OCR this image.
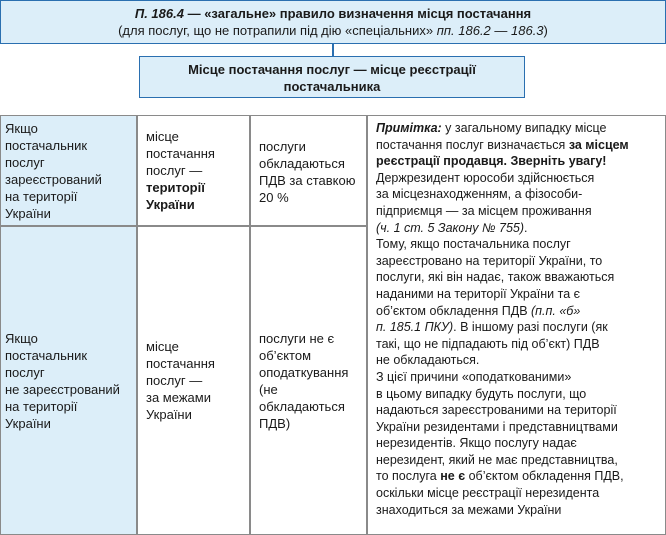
П. 186.4 — «загальне» правило визначення місця постачання
(для послуг, що не потрапили під дію «спеціальних» пп. 186.2 — 186.3)
Місце постачання послуг — місце реєстрації
постачальника
Якщо
постачальник
послуг
зареєстрований
на території
України
місце
постачання
послуг —
території
України
послуги
обкладаються
ПДВ за ставкою
20 %
Якщо
постачальник
послуг
не зареєстрований
на території
України
місце
постачання
послуг —
за межами
України
послуги не є
об’єктом
оподаткування
(не
обкладаються
ПДВ)
Примітка: у загальному випадку місце
постачання послуг визначається за місцем
реєстрації продавця. Зверніть увагу!
Держрезидент юрособи здійснюється
за місцезнаходженням, а фізособи-
підприємця — за місцем проживання
(ч. 1 ст. 5 Закону № 755).
Тому, якщо постачальника послуг
зареєстровано на території України, то
послуги, які він надає, також вважаються
наданими на території України та є
об’єктом обкладення ПДВ (п.п. «б»
п. 185.1 ПКУ). В іншому разі послуги (як
такі, що не підпадають під об’єкт) ПДВ
не обкладаються.
З цієї причини «оподаткованими»
в цьому випадку будуть послуги, що
надаються зареєстрованими на території
України резидентами і представництвами
нерезидентів. Якщо послугу надає
нерезидент, який не має представництва,
то послуга не є об’єктом обкладення ПДВ,
оскільки місце реєстрації нерезидента
знаходиться за межами України
